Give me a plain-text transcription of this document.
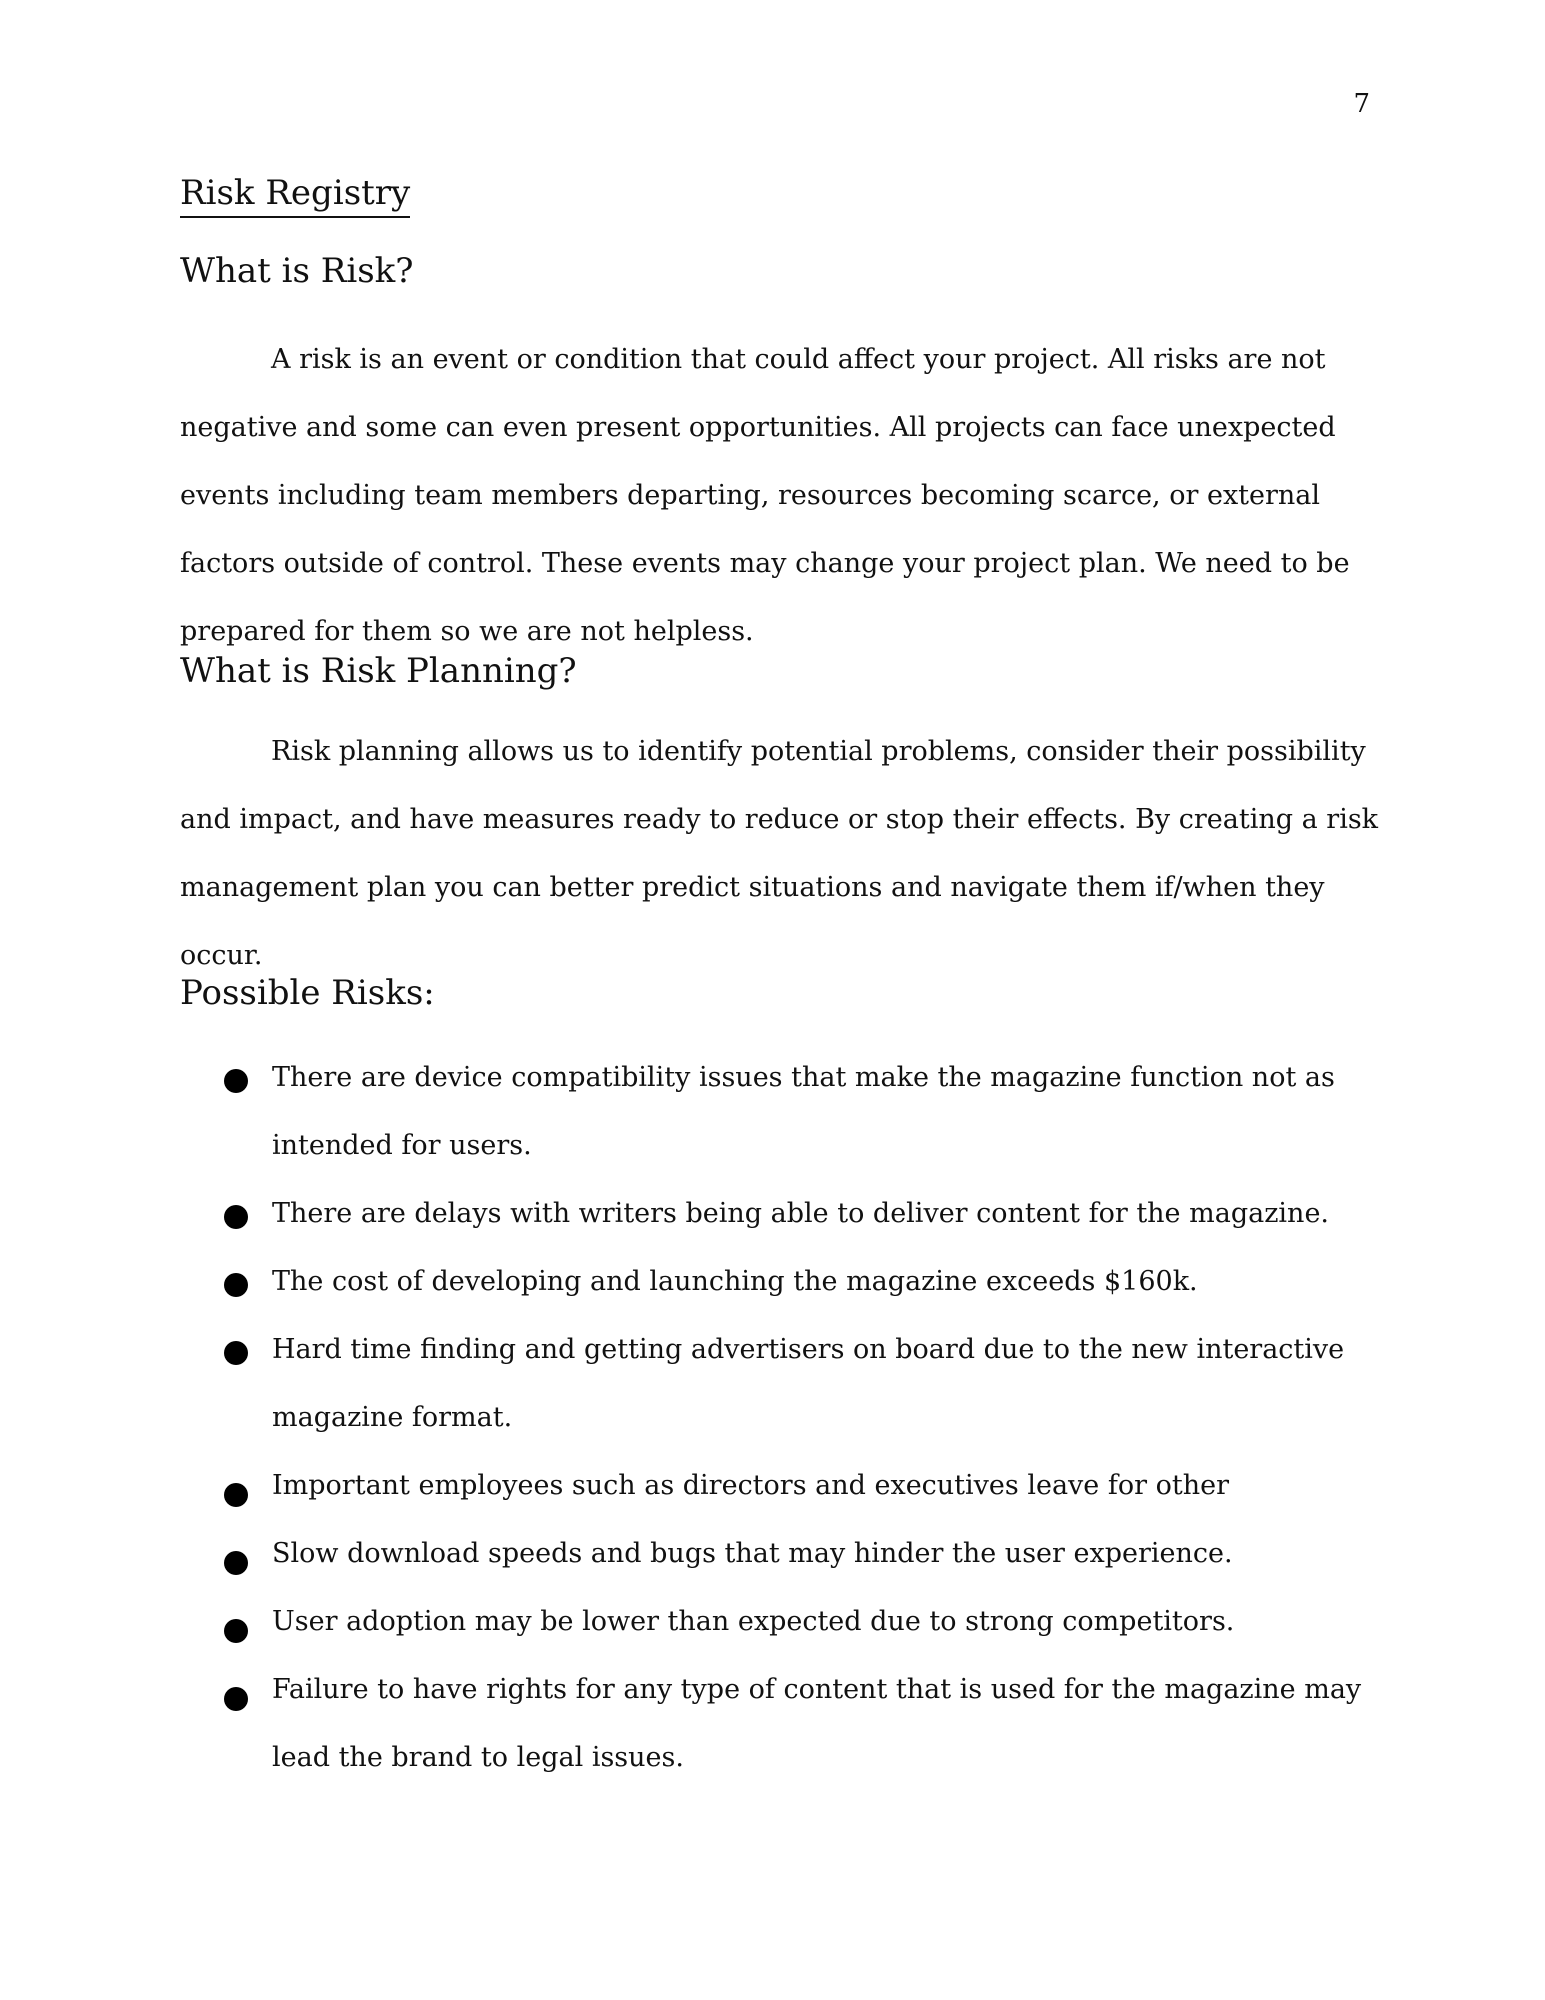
7
Risk Registry
What is Risk?

A risk is an event or condition that could affect your project. All risks are not negative and some can even present opportunities. All projects can face unexpected events including team members departing, resources becoming scarce, or external factors outside of control. These events may change your project plan. We need to be prepared for them so we are not helpless.

What is Risk Planning?

Risk planning allows us to identify potential problems, consider their possibility and impact, and have measures ready to reduce or stop their effects. By creating a risk management plan you can better predict situations and navigate them if/when they occur.

Possible Risks:
There are device compatibility issues that make the magazine function not as intended for users.
There are delays with writers being able to deliver content for the magazine.
The cost of developing and launching the magazine exceeds $160k.
Hard time finding and getting advertisers on board due to the new interactive magazine format.
Important employees such as directors and executives leave for other
Slow download speeds and bugs that may hinder the user experience.
User adoption may be lower than expected due to strong competitors.
Failure to have rights for any type of content that is used for the magazine may lead the brand to legal issues.
